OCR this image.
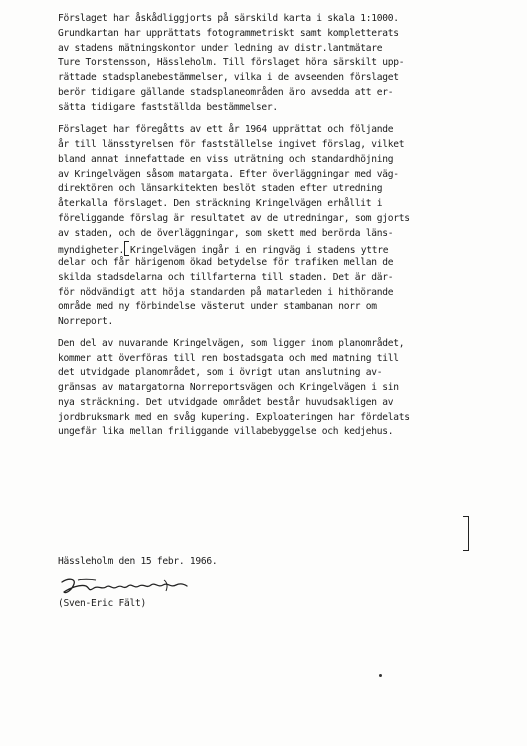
Förslaget har åskådliggjorts på särskild karta i skala 1:1000.
Grundkartan har upprättats fotogrammetriskt samt kompletterats
av stadens mätningskontor under ledning av distr.lantmätare
Ture Torstensson, Hässleholm. Till förslaget höra särskilt upp-
rättade stadsplanebestämmelser, vilka i de avseenden förslaget
berör tidigare gällande stadsplaneområden äro avsedda att er-
sätta tidigare fastställda bestämmelser.
Förslaget har föregåtts av ett år 1964 upprättat och följande
år till länsstyrelsen för fastställelse ingivet förslag, vilket
bland annat innefattade en viss uträtning och standardhöjning
av Kringelvägen såsom matargata. Efter överläggningar med väg-
direktören och länsarkitekten beslöt staden efter utredning
återkalla förslaget. Den sträckning Kringelvägen erhållit i
föreliggande förslag är resultatet av de utredningar, som gjorts
av staden, och de överläggningar, som skett med berörda läns-
myndigheter. Kringelvägen ingår i en ringväg i stadens yttre
delar och får härigenom ökad betydelse för trafiken mellan de
skilda stadsdelarna och tillfarterna till staden. Det är där-
för nödvändigt att höja standarden på matarleden i hithörande
område med ny förbindelse västerut under stambanan norr om
Norreport.
Den del av nuvarande Kringelvägen, som ligger inom planområdet,
kommer att överföras till ren bostadsgata och med matning till
det utvidgade planområdet, som i övrigt utan anslutning av-
gränsas av matargatorna Norreportsvägen och Kringelvägen i sin
nya sträckning. Det utvidgade området består huvudsakligen av
jordbruksmark med en svåg kupering. Exploateringen har fördelats
ungefär lika mellan friliggande villabebyggelse och kedjehus.
Hässleholm den 15 febr. 1966.
(Sven-Eric Fält)
